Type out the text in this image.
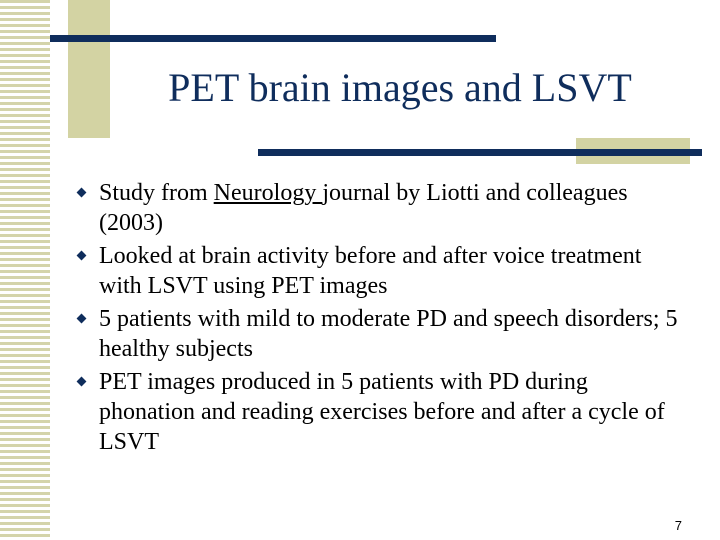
PET brain images and LSVT
Study from Neurology journal by Liotti and colleagues (2003)
Looked at brain activity before and after voice treatment with LSVT using PET images
5 patients with mild to moderate PD and speech disorders; 5 healthy subjects
PET images produced in 5 patients with PD during phonation and reading exercises before and after a cycle of LSVT
7
